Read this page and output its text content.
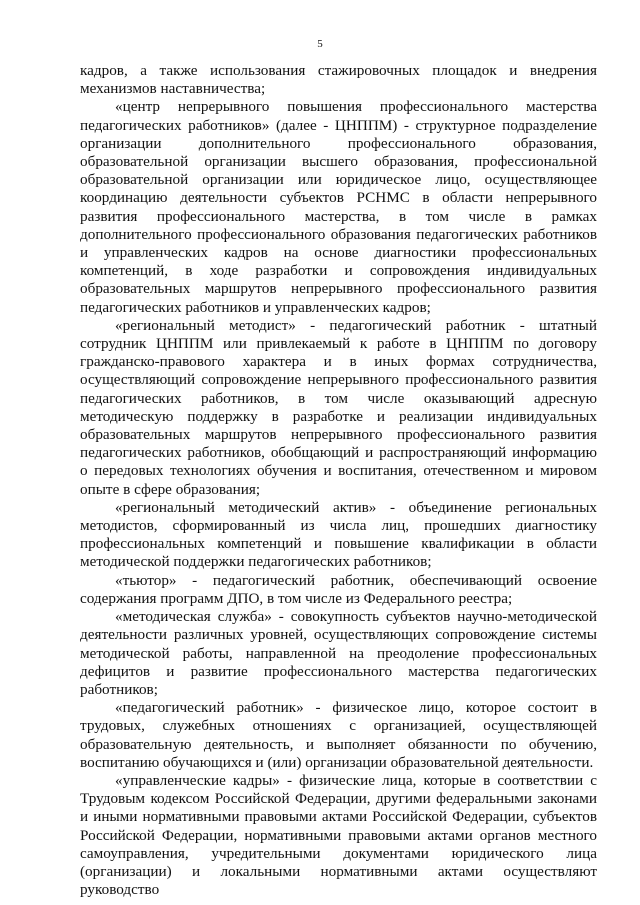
5

кадров, а также использования стажировочных площадок и внедрения механизмов наставничества;

«центр непрерывного повышения профессионального мастерства педагогических работников» (далее - ЦНППМ) - структурное подразделение организации дополнительного профессионального образования, образовательной организации высшего образования, профессиональной образовательной организации или юридическое лицо, осуществляющее координацию деятельности субъектов РСНМС в области непрерывного развития профессионального мастерства, в том числе в рамках дополнительного профессионального образования педагогических работников и управленческих кадров на основе диагностики профессиональных компетенций, в ходе разработки и сопровождения индивидуальных образовательных маршрутов непрерывного профессионального развития педагогических работников и управленческих кадров;

«региональный методист» - педагогический работник - штатный сотрудник ЦНППМ или привлекаемый к работе в ЦНППМ по договору гражданско-правового характера и в иных формах сотрудничества, осуществляющий сопровождение непрерывного профессионального развития педагогических работников, в том числе оказывающий адресную методическую поддержку в разработке и реализации индивидуальных образовательных маршрутов непрерывного профессионального развития педагогических работников, обобщающий и распространяющий информацию о передовых технологиях обучения и воспитания, отечественном и мировом опыте в сфере образования;

«региональный методический актив» - объединение региональных методистов, сформированный из числа лиц, прошедших диагностику профессиональных компетенций и повышение квалификации в области методической поддержки педагогических работников;

«тьютор» - педагогический работник, обеспечивающий освоение содержания программ ДПО, в том числе из Федерального реестра;

«методическая служба» - совокупность субъектов научно-методической деятельности различных уровней, осуществляющих сопровождение системы методической работы, направленной на преодоление профессиональных дефицитов и развитие профессионального мастерства педагогических работников;

«педагогический работник» - физическое лицо, которое состоит в трудовых, служебных отношениях с организацией, осуществляющей образовательную деятельность, и выполняет обязанности по обучению, воспитанию обучающихся и (или) организации образовательной деятельности.

«управленческие кадры» - физические лица, которые в соответствии с Трудовым кодексом Российской Федерации, другими федеральными законами и иными нормативными правовыми актами Российской Федерации, субъектов Российской Федерации, нормативными правовыми актами органов местного самоуправления, учредительными документами юридического лица (организации) и локальными нормативными актами осуществляют руководство
